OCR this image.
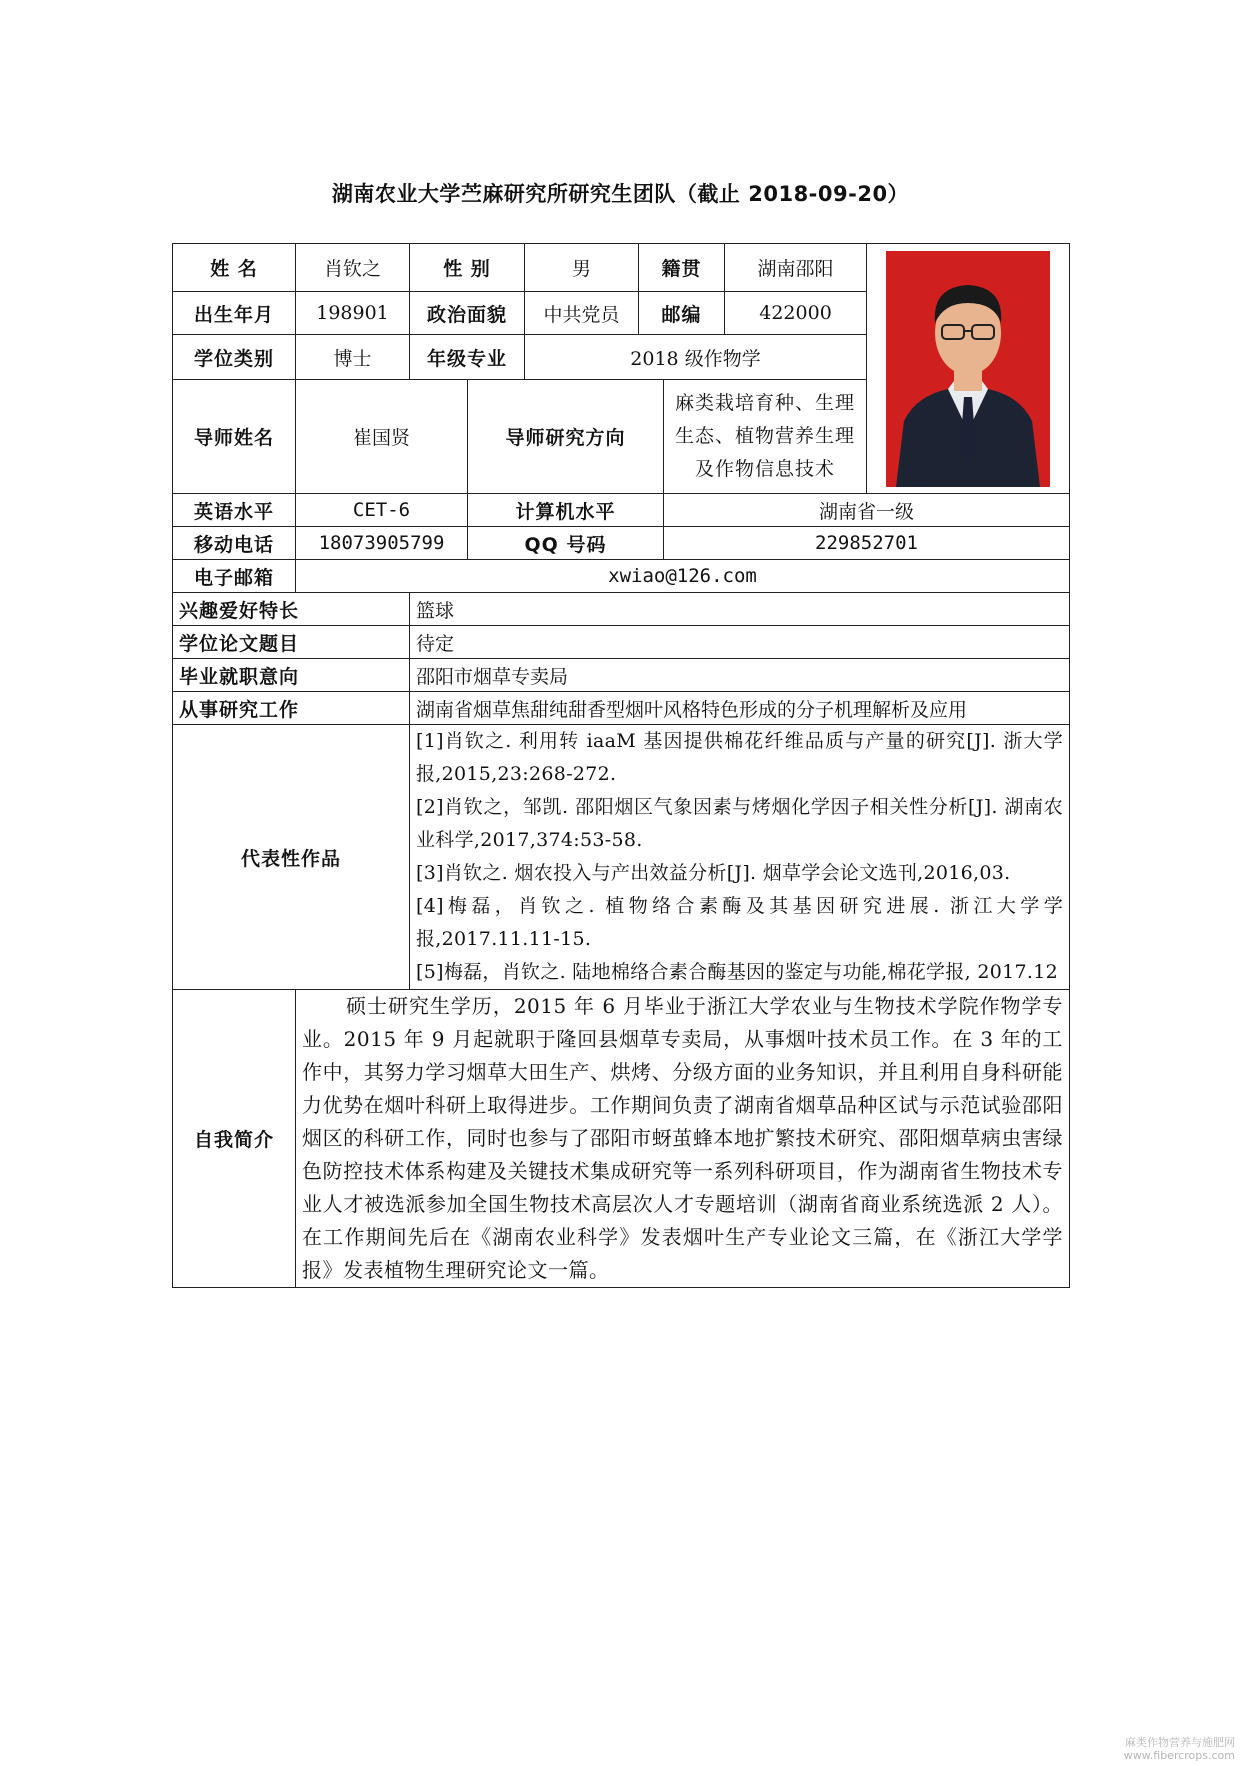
湖南农业大学苎麻研究所研究生团队（截止 2018-09-20）
姓 名	肖钦之	性 别		男	籍贯		湖南邵阳	
出生年月	198901	政治面貌		中共党员	邮编		422000	
学位类别	博士	年级专业		2018 级作物学				
导师姓名	崔国贤		导师研究方向			麻类栽培育种、生理生态、植物营养生理及作物信息技术		
英语水平	CET-6		计算机水平			湖南省一级		
移动电话	18073905799		QQ 号码			229852701		
电子邮箱	xwiao@126.com							
兴趣爱好特长		篮球						
学位论文题目		待定						
毕业就职意向		邵阳市烟草专卖局						
从事研究工作		湖南省烟草焦甜纯甜香型烟叶风格特色形成的分子机理解析及应用						
代表性作品		[1]肖钦之. 利用转 iaaM 基因提供棉花纤维品质与产量的研究[J]. 浙大学报,2015,23:268-272.

[2]肖钦之，邹凯. 邵阳烟区气象因素与烤烟化学因子相关性分析[J]. 湖南农业科学,2017,374:53-58.

[3]肖钦之. 烟农投入与产出效益分析[J]. 烟草学会论文选刊,2016,03.

[4]梅磊，肖钦之. 植物络合素酶及其基因研究进展. 浙江大学学报,2017.11.11-15.

[5]梅磊，肖钦之. 陆地棉络合素合酶基因的鉴定与功能,棉花学报, 2017.12						

自我简介	硕士研究生学历，2015 年 6 月毕业于浙江大学农业与生物技术学院作物学专业。2015 年 9 月起就职于隆回县烟草专卖局，从事烟叶技术员工作。在 3 年的工作中，其努力学习烟草大田生产、烘烤、分级方面的业务知识，并且利用自身科研能力优势在烟叶科研上取得进步。工作期间负责了湖南省烟草品种区试与示范试验邵阳烟区的科研工作，同时也参与了邵阳市蚜茧蜂本地扩繁技术研究、邵阳烟草病虫害绿色防控技术体系构建及关键技术集成研究等一系列科研项目，作为湖南省生物技术专业人才被选派参加全国生物技术高层次人才专题培训（湖南省商业系统选派 2 人）。在工作期间先后在《湖南农业科学》发表烟叶生产专业论文三篇，在《浙江大学学报》发表植物生理研究论文一篇。							

麻类作物营养与施肥网
www.fibercrops.com
